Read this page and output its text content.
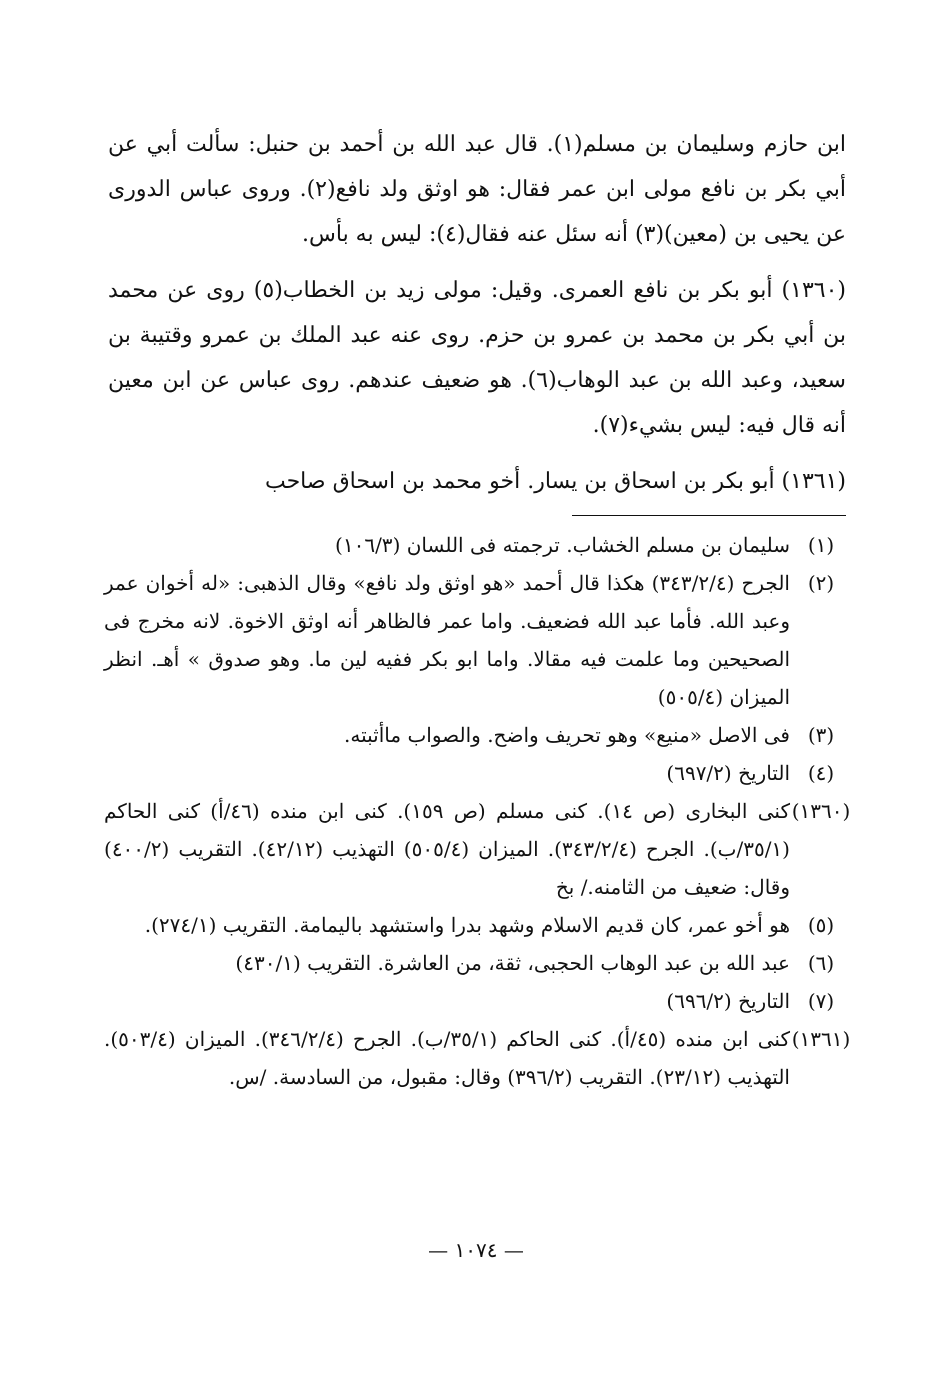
ابن حازم وسليمان بن مسلم(١). قال عبد الله بن أحمد بن حنبل: سألت أبي عن أبي بكر بن نافع مولى ابن عمر فقال: هو اوثق ولد نافع(٢). وروى عباس الدورى عن يحيى بن (معين)(٣) أنه سئل عنه فقال(٤): ليس به بأس.

(١٣٦٠) أبو بكر بن نافع العمرى. وقيل: مولى زيد بن الخطاب(٥) روى عن محمد بن أبي بكر بن محمد بن عمرو بن حزم. روى عنه عبد الملك بن عمرو وقتيبة بن سعيد، وعبد الله بن عبد الوهاب(٦). هو ضعيف عندهم. روى عباس عن ابن معين أنه قال فيه: ليس بشيء(٧).

(١٣٦١) أبو بكر بن اسحاق بن يسار. أخو محمد بن اسحاق صاحب

(١)
سليمان بن مسلم الخشاب. ترجمته فى اللسان (١٠٦/٣)
(٢)
الجرح (٣٤٣/٢/٤) هكذا قال أحمد «هو اوثق ولد نافع» وقال الذهبى: «له أخوان عمر وعبد الله. فأما عبد الله فضعيف. واما عمر فالظاهر أنه اوثق الاخوة. لانه مخرج فى الصحيحين وما علمت فيه مقالا. واما ابو بكر ففيه لين ما. وهو صدوق » أهـ. انظر الميزان (٥٠٥/٤)
(٣)
فى الاصل «منيع» وهو تحريف واضح. والصواب ماأثبته.
(٤)
التاريخ (٦٩٧/٢)
(١٣٦٠)
كنى البخارى (ص ١٤). كنى مسلم (ص ١٥٩). كنى ابن منده (٤٦/أ) كنى الحاكم (٣٥/١/ب). الجرح (٣٤٣/٢/٤). الميزان (٥٠٥/٤) التهذيب (٤٢/١٢). التقريب (٤٠٠/٢) وقال: ضعيف من الثامنه./ بخ
(٥)
هو أخو عمر، كان قديم الاسلام وشهد بدرا واستشهد باليمامة. التقريب (٢٧٤/١).
(٦)
عبد الله بن عبد الوهاب الحجبى، ثقة، من العاشرة. التقريب (٤٣٠/١)
(٧)
التاريخ (٦٩٦/٢)
(١٣٦١)
كنى ابن منده (٤٥/أ). كنى الحاكم (٣٥/١/ب). الجرح (٣٤٦/٢/٤). الميزان (٥٠٣/٤). التهذيب (٢٣/١٢). التقريب (٣٩٦/٢) وقال: مقبول، من السادسة. /س.
— ١٠٧٤ —
